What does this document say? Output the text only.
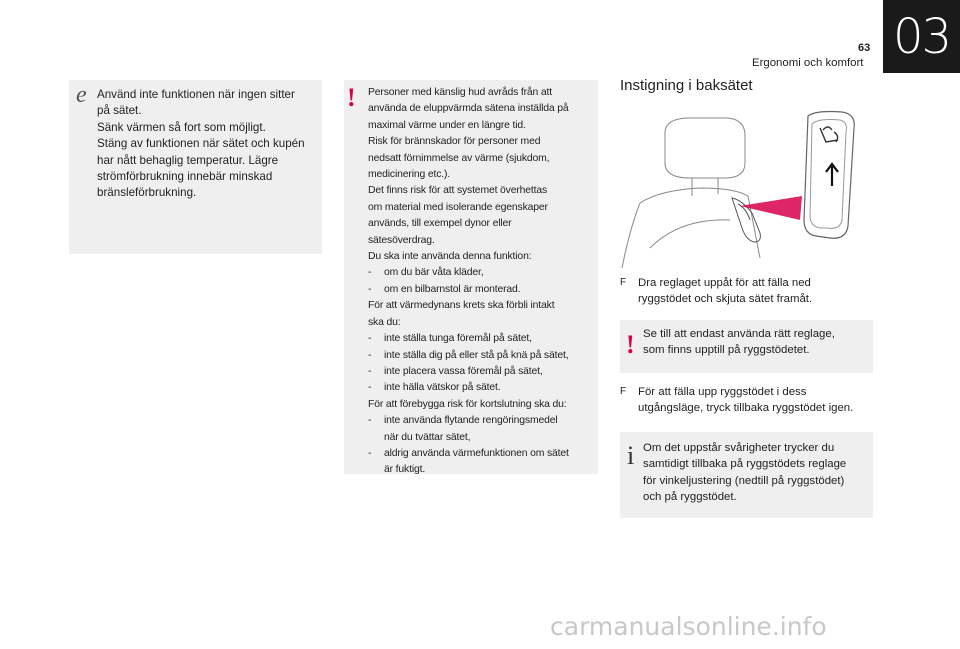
63
Ergonomi och komfort 03

Använd inte funktionen när ingen sitter

på sätet.

Sänk värmen så fort som möjligt.

Stäng av funktionen när sätet och kupén

har nått behaglig temperatur. Lägre

strömförbrukning innebär minskad

bränsleförbrukning.

e	Personer med känslig hud avråds från att

använda de eluppvärmda sätena inställda på

maximal värme under en längre tid.

Risk för brännskador för personer med

nedsatt förnimmelse av värme (sjukdom,

medicinering etc.).

Det finns risk för att systemet överhettas

om material med isolerande egenskaper

används, till exempel dynor eller

sätesöverdrag.

Du ska inte använda denna funktion:

-	om du bär våta kläder,
-	om en bilbarnstol är monterad.

För att värmedynans krets ska förbli intakt

ska du:

-	inte ställa tunga föremål på sätet,
-	inte ställa dig på eller stå på knä på sätet,
-	inte placera vassa föremål på sätet,
-	inte hälla vätskor på sätet.

För att förebygga risk för kortslutning ska du:

-	inte använda flytande rengöringsmedel
när du tvättar sätet,
-	aldrig använda värmefunktionen om sätet
är fuktigt.
!	Instigning i baksätet
F	Dra reglaget uppåt för att fälla ned
ryggstödet och skjuta sätet framåt.

Se till att endast använda rätt reglage,

som finns upptill på ryggstödetet.

!
F	För att fälla upp ryggstödet i dess
utgångsläge, tryck tillbaka ryggstödet igen.

Om det uppstår svårigheter trycker du

samtidigt tillbaka på ryggstödets reglage

för vinkeljustering (nedtill på ryggstödet)

och på ryggstödet.

i
carmanualsonline.info
